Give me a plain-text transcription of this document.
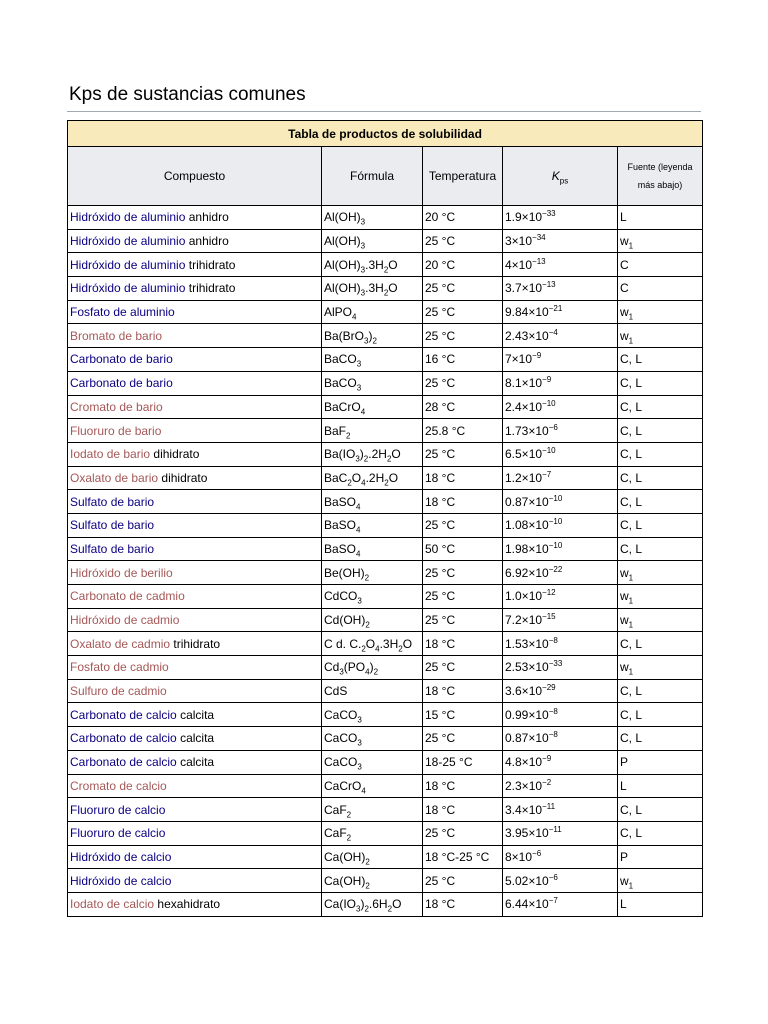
Kps de sustancias comunes
Tabla de productos de solubilidad				
Compuesto	Fórmula	Temperatura	$K_{ps}$	Fuente (leyenda más abajo)
Hidróxido de aluminio anhidro	$Al(OH)_3$	20 °C	$1.9\times 10^{-33}$	L
Hidróxido de aluminio anhidro	$Al(OH)_3$	25 °C	$3\times 10^{-34}$	$w_1$
Hidróxido de aluminio trihidrato	$Al(OH)_3.3H_2O$	20 °C	$4\times 10^{-13}$	C
Hidróxido de aluminio trihidrato	$Al(OH)_3.3H_2O$	25 °C	$3.7\times 10^{-13}$	C
Fosfato de aluminio	AlPO$_4$	25 °C	$9.84\times 10^{-21}$	$w_1$
Bromato de bario	$Ba(BrO_3)_2$	25 °C	$2.43\times 10^{-4}$	$w_1$
Carbonato de bario	BaCO$_3$	16 °C	$7\times 10^{-9}$	C, L
Carbonato de bario	BaCO$_3$	25 °C	$8.1\times 10^{-9}$	C, L
Cromato de bario	BaCrO$_4$	28 °C	$2.4\times 10^{-10}$	C, L
Fluoruro de bario	BaF$_2$	25.8 °C	$1.73\times 10^{-6}$	C, L
Iodato de bario dihidrato	$Ba(IO_3)_2.2H_2O$	25 °C	$6.5\times 10^{-10}$	C, L
Oxalato de bario dihidrato	$BaC_2O_4.2H_2O$	18 °C	$1.2\times 10^{-7}$	C, L
Sulfato de bario	BaSO$_4$	18 °C	$0.87\times 10^{-10}$	C, L
Sulfato de bario	BaSO$_4$	25 °C	$1.08\times 10^{-10}$	C, L
Sulfato de bario	BaSO$_4$	50 °C	$1.98\times 10^{-10}$	C, L
Hidróxido de berilio	$Be(OH)_2$	25 °C	$6.92\times 10^{-22}$	$w_1$
Carbonato de cadmio	CdCO$_3$	25 °C	$1.0\times 10^{-12}$	$w_1$
Hidróxido de cadmio	$Cd(OH)_2$	25 °C	$7.2\times 10^{-15}$	$w_1$
Oxalato de cadmio trihidrato	C d. $C._2O_4.3H_2O$	18 °C	$1.53\times 10^{-8}$	C, L
Fosfato de cadmio	$Cd_3(PO_4)_2$	25 °C	$2.53\times 10^{-33}$	$w_1$
Sulfuro de cadmio	CdS	18 °C	$3.6\times 10^{-29}$	C, L
Carbonato de calcio calcita	CaCO$_3$	15 °C	$0.99\times 10^{-8}$	C, L
Carbonato de calcio calcita	CaCO$_3$	25 °C	$0.87\times 10^{-8}$	C, L
Carbonato de calcio calcita	CaCO$_3$	18-25 °C	$4.8\times 10^{-9}$	P
Cromato de calcio	CaCrO$_4$	18 °C	$2.3\times 10^{-2}$	L
Fluoruro de calcio	CaF$_2$	18 °C	$3.4\times 10^{-11}$	C, L
Fluoruro de calcio	CaF$_2$	25 °C	$3.95\times 10^{-11}$	C, L
Hidróxido de calcio	$Ca(OH)_2$	18 °C-25 °C	$8\times 10^{-6}$	P
Hidróxido de calcio	$Ca(OH)_2$	25 °C	$5.02\times 10^{-6}$	$w_1$
Iodato de calcio hexahidrato	$Ca(IO_3)_2.6H_2O$	18 °C	$6.44\times 10^{-7}$	L
